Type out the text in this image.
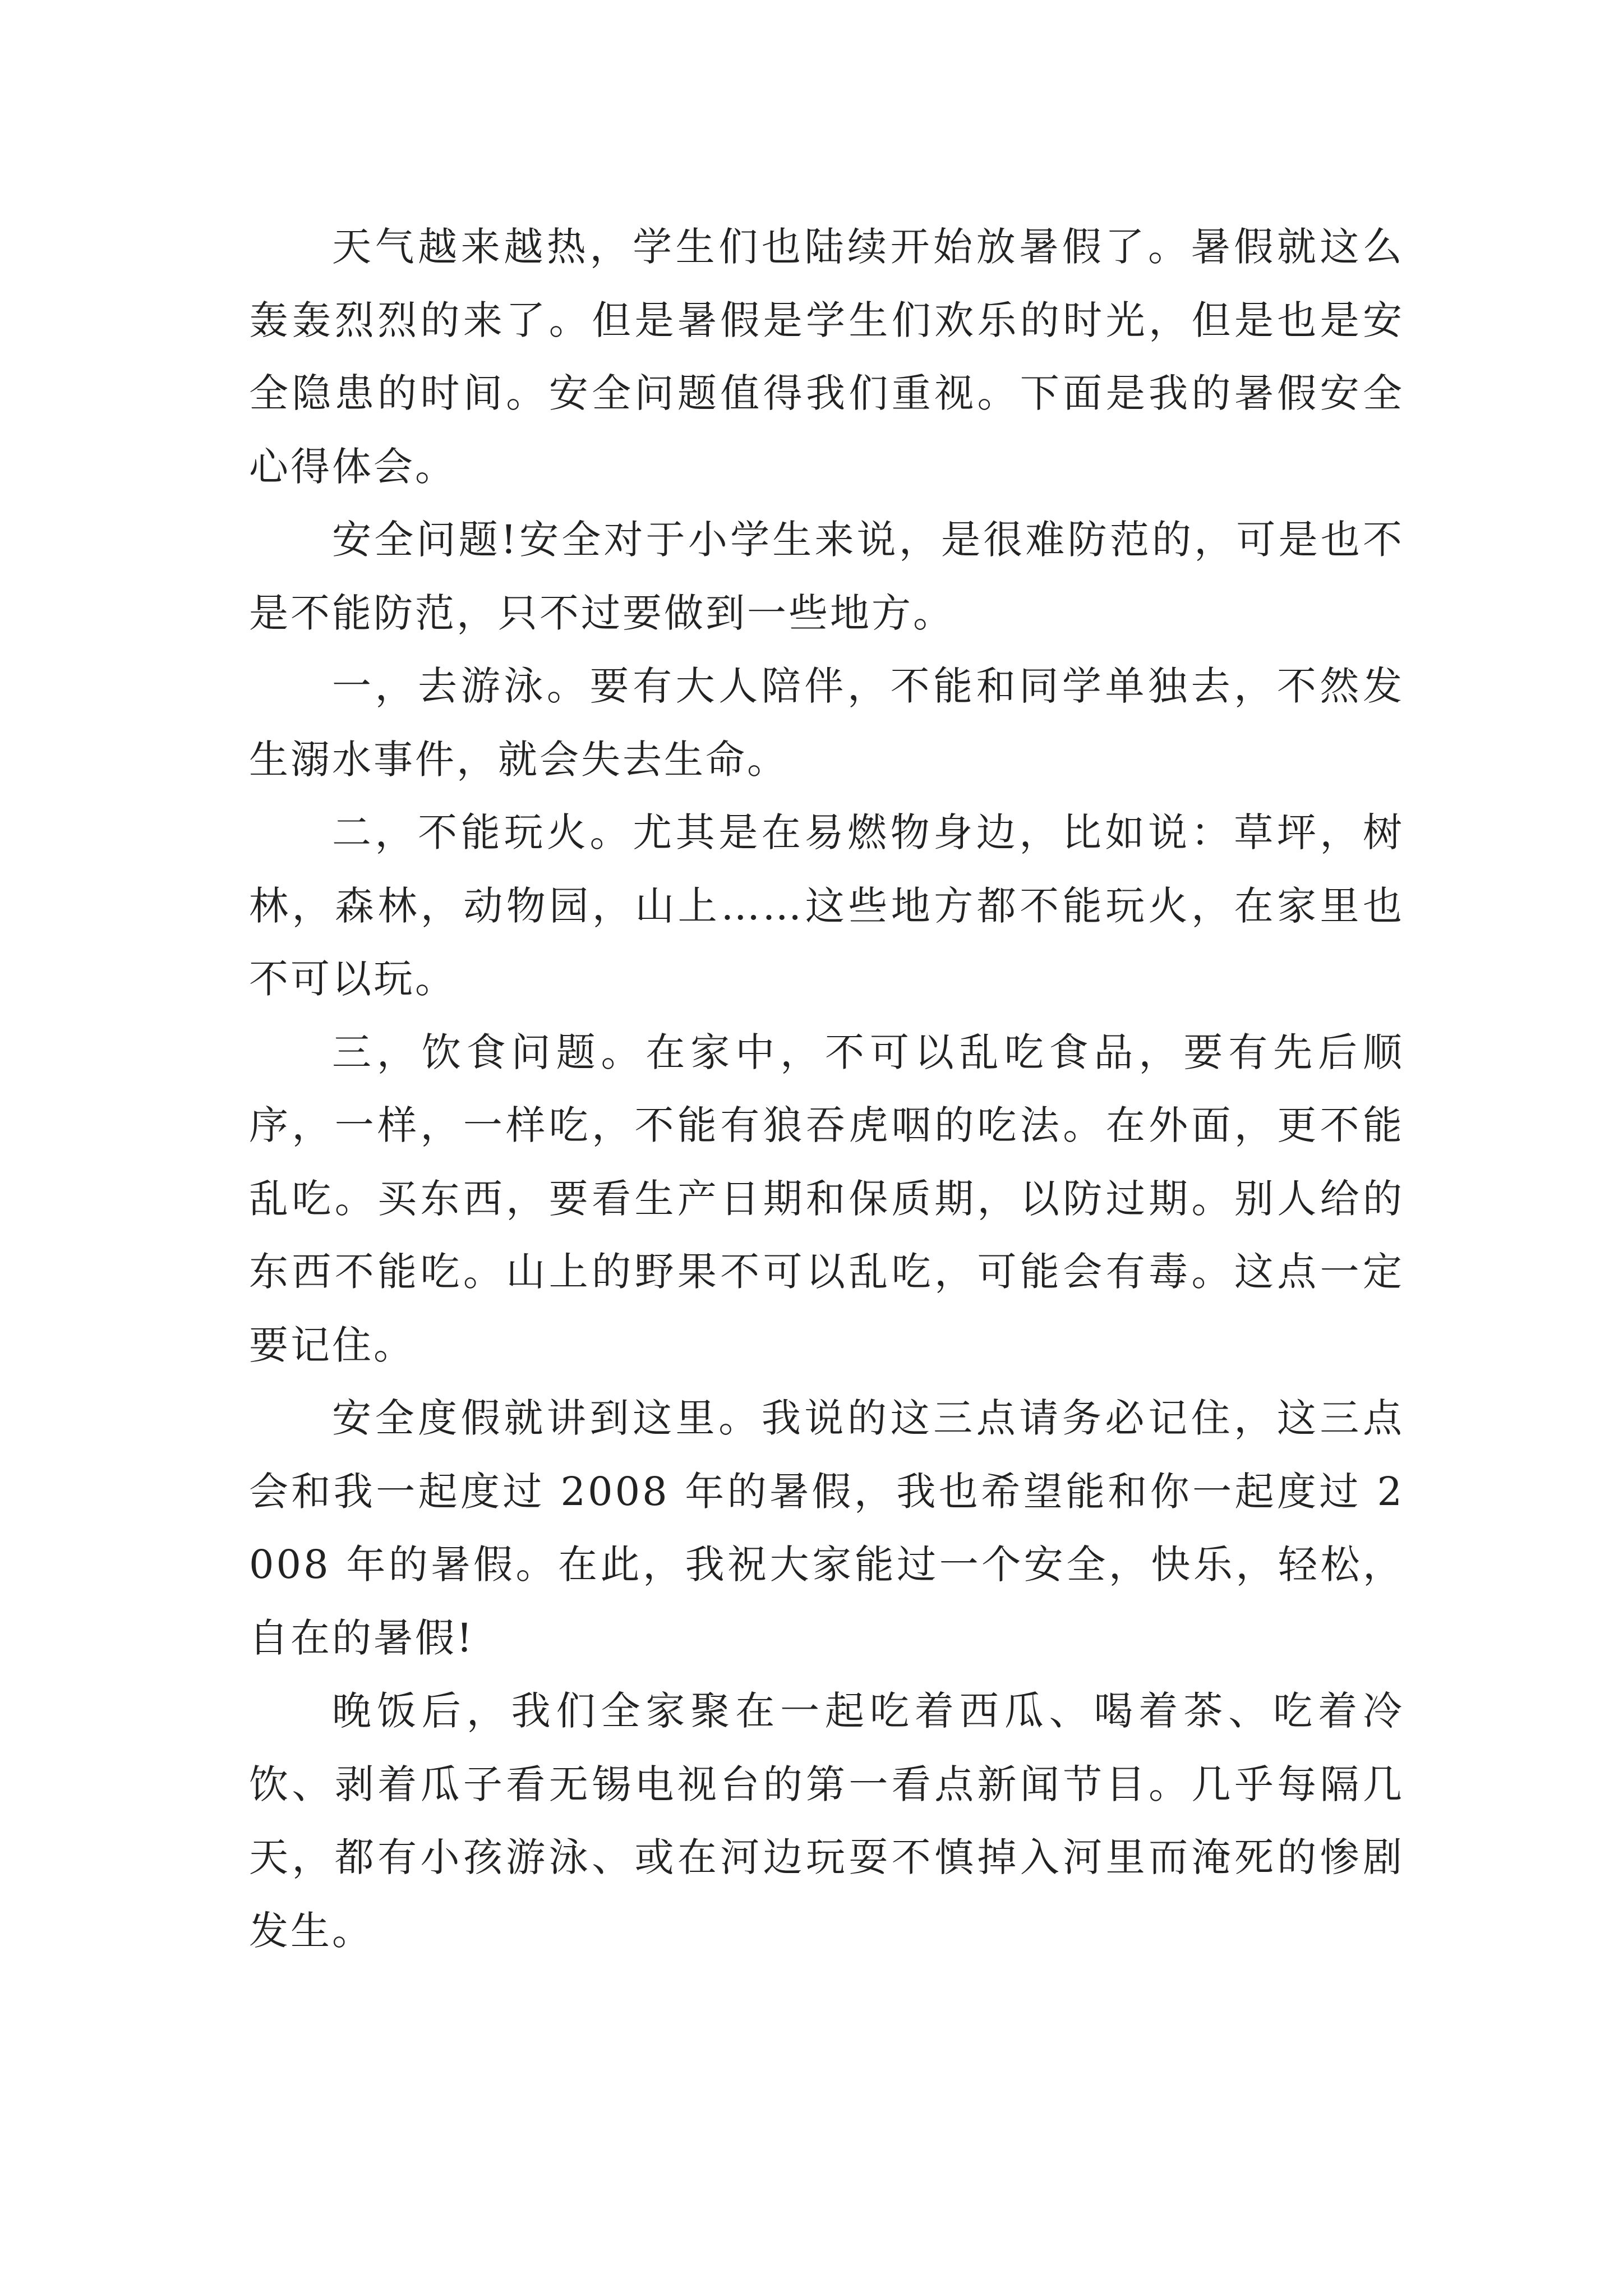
天气越来越热，学生们也陆续开始放暑假了。暑假就这么轰轰烈烈的来了。但是暑假是学生们欢乐的时光，但是也是安全隐患的时间。安全问题值得我们重视。下面是我的暑假安全心得体会。

安全问题!安全对于小学生来说，是很难防范的，可是也不是不能防范，只不过要做到一些地方。

一，去游泳。要有大人陪伴，不能和同学单独去，不然发生溺水事件，就会失去生命。

二，不能玩火。尤其是在易燃物身边，比如说：草坪，树林，森林，动物园，山上……这些地方都不能玩火，在家里也不可以玩。

三，饮食问题。在家中，不可以乱吃食品，要有先后顺序，一样，一样吃，不能有狼吞虎咽的吃法。在外面，更不能乱吃。买东西，要看生产日期和保质期，以防过期。别人给的东西不能吃。山上的野果不可以乱吃，可能会有毒。这点一定要记住。

安全度假就讲到这里。我说的这三点请务必记住，这三点会和我一起度过 2008 年的暑假，我也希望能和你一起度过 2008 年的暑假。在此，我祝大家能过一个安全，快乐，轻松，自在的暑假!

晚饭后，我们全家聚在一起吃着西瓜、喝着茶、吃着冷饮、剥着瓜子看无锡电视台的第一看点新闻节目。几乎每隔几天，都有小孩游泳、或在河边玩耍不慎掉入河里而淹死的惨剧发生。
